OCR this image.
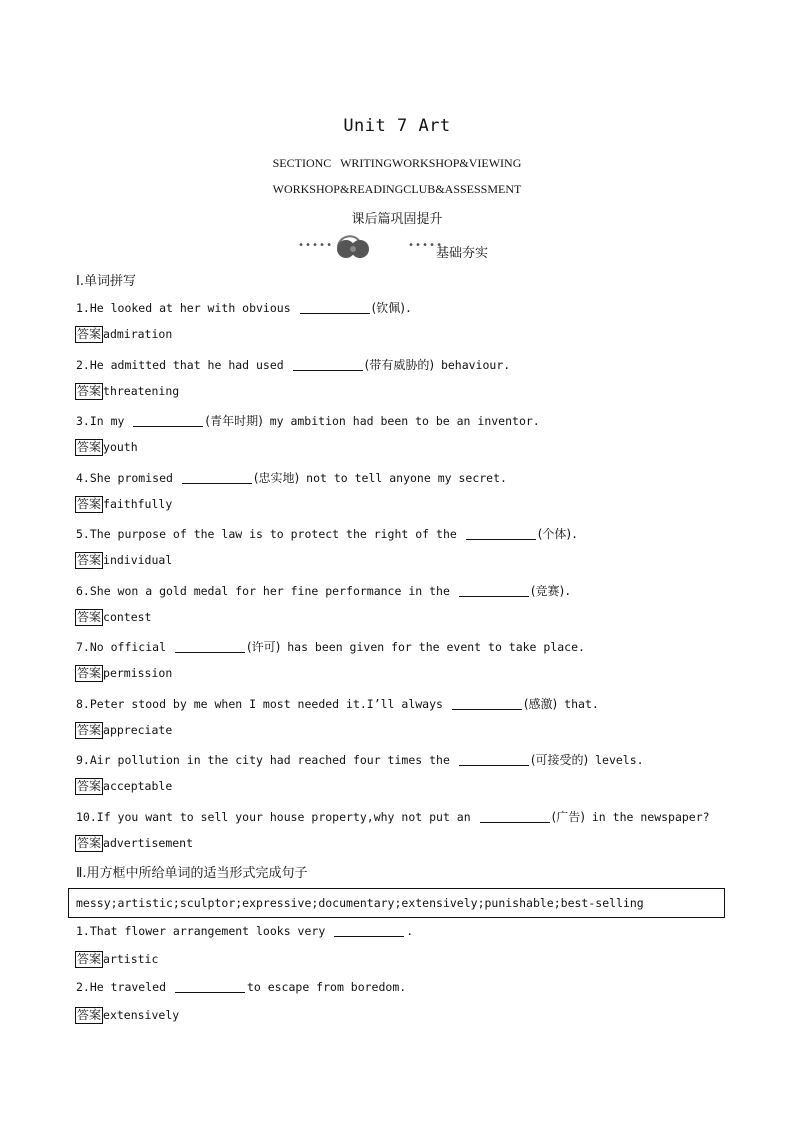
Unit 7 Art
SECTIONC   WRITINGWORKSHOP&VIEWING
WORKSHOP&READINGCLUB&ASSESSMENT
课后篇巩固提升
•••••	•••••
基础夯实
Ⅰ.单词拼写
1.He looked at her with obvious	(钦佩).
答案 admiration
2.He admitted that he had used	(带有威胁的) behaviour.
答案 threatening
3.In my	(青年时期) my ambition had been to be an inventor.
答案 youth
4.She promised	(忠实地) not to tell anyone my secret.
答案 faithfully
5.The purpose of the law is to protect the right of the	(个体).
答案 individual
6.She won a gold medal for her fine performance in the	(竞赛).
答案 contest
7.No official	(许可) has been given for the event to take place.
答案 permission
8.Peter stood by me when I most needed it.I’ll always	(感激) that.
答案 appreciate
9.Air pollution in the city had reached four times the	(可接受的) levels.
答案 acceptable
10.If you want to sell your house property,why not put an	(广告) in the newspaper?
答案 advertisement
Ⅱ.用方框中所给单词的适当形式完成句子
messy;artistic;sculptor;expressive;documentary;extensively;punishable;best-selling
1.That flower arrangement looks very	.
答案 artistic
2.He traveled	to escape from boredom.
答案 extensively
